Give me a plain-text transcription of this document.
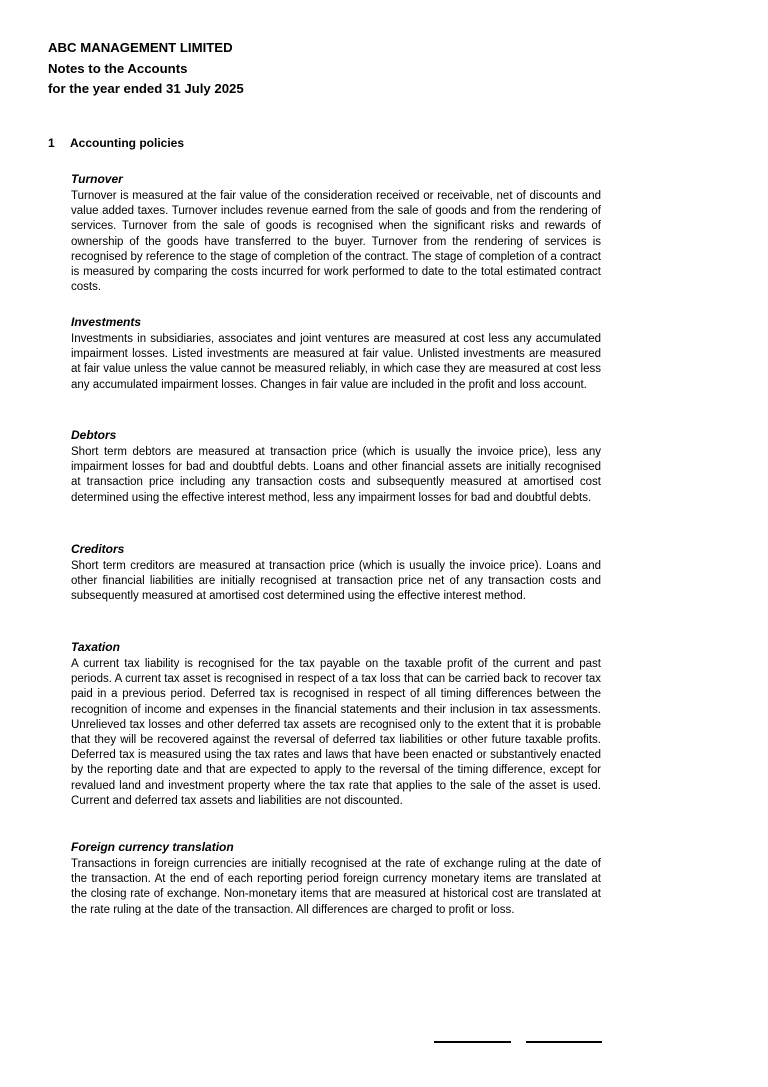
ABC MANAGEMENT LIMITED
Notes to the Accounts
for the year ended 31 July 2025
1 Accounting policies
Turnover

Turnover is measured at the fair value of the consideration received or receivable, net of discounts and value added taxes. Turnover includes revenue earned from the sale of goods and from the rendering of services. Turnover from the sale of goods is recognised when the significant risks and rewards of ownership of the goods have transferred to the buyer. Turnover from the rendering of services is recognised by reference to the stage of completion of the contract. The stage of completion of a contract is measured by comparing the costs incurred for work performed to date to the total estimated contract costs.

Investments

Investments in subsidiaries, associates and joint ventures are measured at cost less any accumulated impairment losses. Listed investments are measured at fair value. Unlisted investments are measured at fair value unless the value cannot be measured reliably, in which case they are measured at cost less any accumulated impairment losses. Changes in fair value are included in the profit and loss account.

Debtors

Short term debtors are measured at transaction price (which is usually the invoice price), less any impairment losses for bad and doubtful debts. Loans and other financial assets are initially recognised at transaction price including any transaction costs and subsequently measured at amortised cost determined using the effective interest method, less any impairment losses for bad and doubtful debts.

Creditors

Short term creditors are measured at transaction price (which is usually the invoice price). Loans and other financial liabilities are initially recognised at transaction price net of any transaction costs and subsequently measured at amortised cost determined using the effective interest method.

Taxation

A current tax liability is recognised for the tax payable on the taxable profit of the current and past periods. A current tax asset is recognised in respect of a tax loss that can be carried back to recover tax paid in a previous period. Deferred tax is recognised in respect of all timing differences between the recognition of income and expenses in the financial statements and their inclusion in tax assessments. Unrelieved tax losses and other deferred tax assets are recognised only to the extent that it is probable that they will be recovered against the reversal of deferred tax liabilities or other future taxable profits. Deferred tax is measured using the tax rates and laws that have been enacted or substantively enacted by the reporting date and that are expected to apply to the reversal of the timing difference, except for revalued land and investment property where the tax rate that applies to the sale of the asset is used. Current and deferred tax assets and liabilities are not discounted.

Foreign currency translation

Transactions in foreign currencies are initially recognised at the rate of exchange ruling at the date of the transaction. At the end of each reporting period foreign currency monetary items are translated at the closing rate of exchange. Non-monetary items that are measured at historical cost are translated at the rate ruling at the date of the transaction. All differences are charged to profit or loss.
